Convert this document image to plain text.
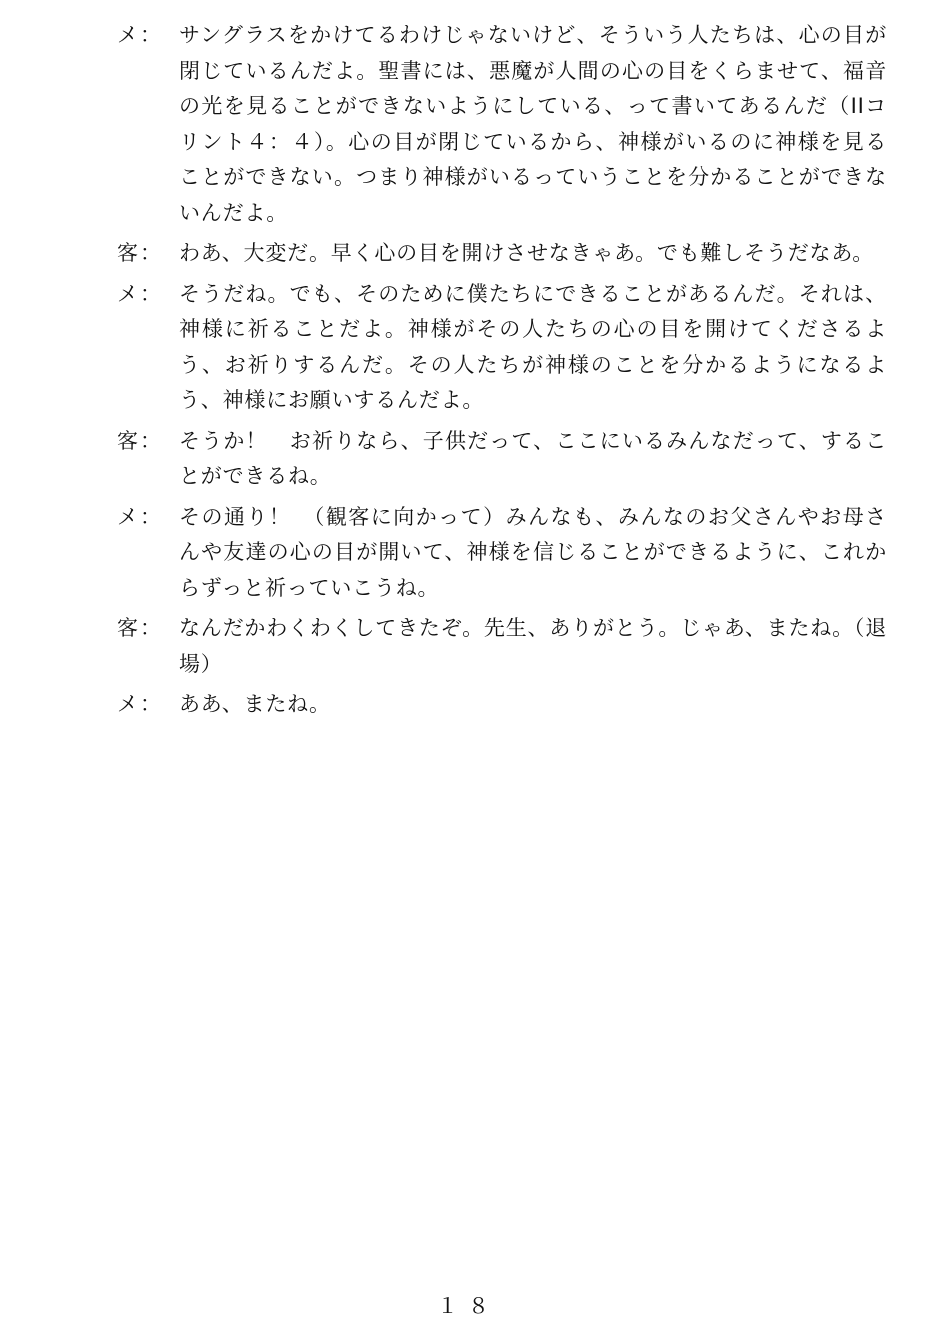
メ： サングラスをかけてるわけじゃないけど、そういう人たちは、心の目が閉じているんだよ。聖書には、悪魔が人間の心の目をくらませて、福音の光を見ることができないようにしている、って書いてあるんだ（IIコリント４：４）。心の目が閉じているから、神様がいるのに神様を見ることができない。つまり神様がいるっていうことを分かることができないんだよ。
客： わあ、大変だ。早く心の目を開けさせなきゃあ。でも難しそうだなあ。
メ： そうだね。でも、そのために僕たちにできることがあるんだ。それは、神様に祈ることだよ。神様がその人たちの心の目を開けてくださるよう、お祈りするんだ。その人たちが神様のことを分かるようになるよう、神様にお願いするんだよ。
客： そうか！　お祈りなら、子供だって、ここにいるみんなだって、することができるね。
メ： その通り！　（観客に向かって）みんなも、みんなのお父さんやお母さんや友達の心の目が開いて、神様を信じることができるように、これからずっと祈っていこうね。
客： なんだかわくわくしてきたぞ。先生、ありがとう。じゃあ、またね。（退場）
メ： ああ、またね。
１８
